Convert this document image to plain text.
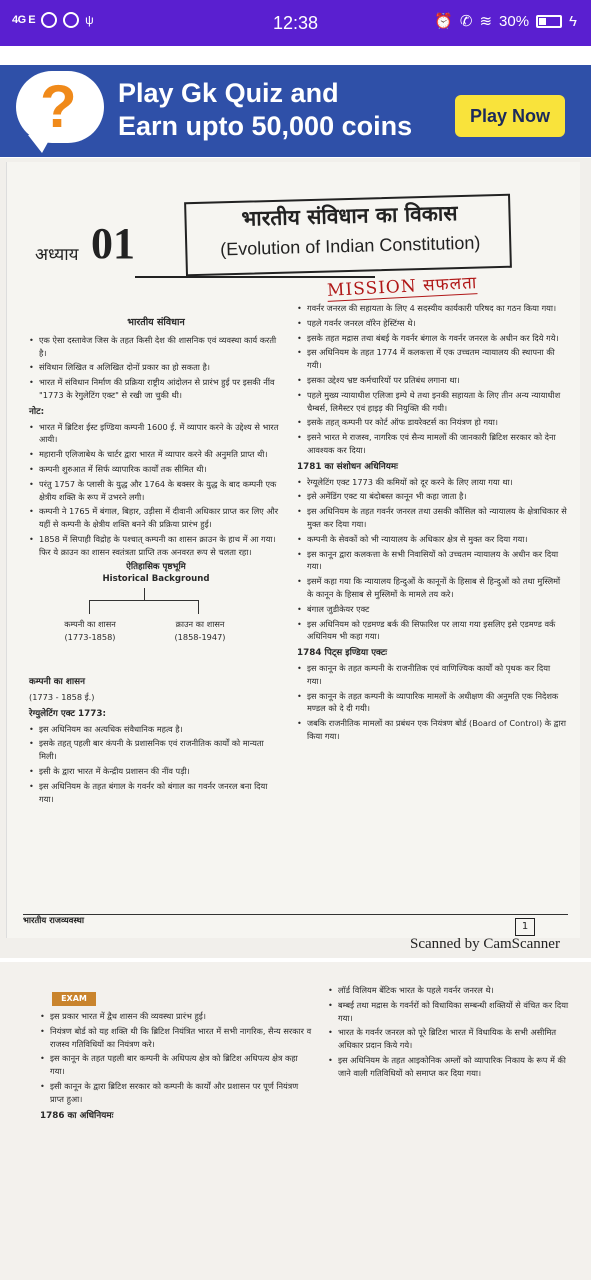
4G E	ψ	12:38	⏰ ✆ ≋ 30%	ϟ
? Play Gk Quiz and
Earn upto 50,000 coins	Play Now
भारतीय संविधान का विकास
(Evolution of Indian Constitution)
अध्याय 01
MISSION सफलता
भारतीय संविधान
• एक ऐसा दस्तावेज जिस के तहत किसी देश की शासनिक एवं व्यवस्था कार्य करती है।
• संविधान लिखित व अलिखित दोनों प्रकार का हो सकता है।
• भारत में संविधान निर्माण की प्रक्रिया राष्ट्रीय आंदोलन से प्रारंभ हुई पर इसकी नींव "1773 के रेगुलेटिंग एक्ट" से रखी जा चुकी थी।
नोट:
• भारत में ब्रिटिश ईस्ट इण्डिया कम्पनी 1600 ई. में व्यापार करने के उद्देश्य से भारत आयी।
• महारानी एलिजाबेथ के चार्टर द्वारा भारत में व्यापार करने की अनुमति प्राप्त थी।
• कम्पनी शुरुआत में सिर्फ व्यापारिक कार्यों तक सीमित थी।
• परंतु 1757 के प्लासी के युद्ध और 1764 के बक्सर के युद्ध के बाद कम्पनी एक क्षेत्रीय शक्ति के रूप में उभरने लगी।
• कम्पनी ने 1765 में बंगाल, बिहार, उड़ीसा में दीवानी अधिकार प्राप्त कर लिए और यहीं से कम्पनी के क्षेत्रीय शक्ति बनने की प्रक्रिया प्रारंभ हुई।
• 1858 में सिपाही विद्रोह के पश्चात् कम्पनी का शासन क्राउन के हाथ में आ गया।फिर ये क्राउन का शासन स्वतंत्रता प्राप्ति तक अनवरत रूप से चलता रहा।
ऐतिहासिक पृष्ठभूमि
Historical Background
कम्पनी का शासन
(1773-1858)
क्राउन का शासन
(1858-1947)
कम्पनी का शासन
(1773 - 1858 ई.)
रेग्युलेटिंग एक्ट 1773:
• इस अधिनियम का अत्यधिक संवैधानिक महत्व है।
• इसके तहत् पहली बार कंपनी के प्रशासनिक एवं राजनीतिक कार्यों को मान्यता मिली।
• इसी के द्वारा भारत में केन्द्रीय प्रशासन की नींव पड़ी।
• इस अधिनियम के तहत बंगाल के गवर्नर को बंगाल का गवर्नर जनरल बना दिया गया।
• गवर्नर जनरल की सहायता के लिए 4 सदस्यीय कार्यकारी परिषद का गठन किया गया।
• पहले गवर्नर जनरल वॉरेन हेस्टिंग्स थे।
• इसके तहत मद्रास तथा बंबई के गवर्नर बंगाल के गवर्नर जनरल के अधीन कर दिये गये।
• इस अधिनियम के तहत 1774 में कलकत्ता में एक उच्चतम न्यायालय की स्थापना की गयी।
• इसका उद्देश्य भ्रष्ट कर्मचारियों पर प्रतिबंध लगाना था।
• पहले मुख्य न्यायाधीश एलिजा इम्पे थे तथा इनकी सहायता के लिए तीन अन्य न्यायाधीश चैम्बर्स, लिमैस्टर एवं हाइड़ की नियुक्ति की गयी।
• इसके तहत् कम्पनी पर कोर्ट ऑफ डायरेक्टर्स का नियंत्रण हो गया।
• इसने भारत मे राजस्व, नागरिक एवं सैन्य मामलों की जानकारी ब्रिटिश सरकार को देना आवश्यक कर दिया।
1781 का संशोधन अधिनियमः
• रेग्यूलेटिंग एक्ट 1773 की कमियों को दूर करने के लिए लाया गया था।
• इसे अमेंडिंग एक्ट या बंदोबस्त कानून भी कहा जाता है।
• इस अधिनियम के तहत गवर्नर जनरल तथा उसकी कौंसिल को न्यायालय के क्षेत्राधिकार से मुक्त कर दिया गया।
• कम्पनी के सेवकों को भी न्यायालय के अधिकार क्षेत्र से मुक्त कर दिया गया।
• इस कानून द्वारा कलकत्ता के सभी निवासियों को उच्चतम न्यायालय के अधीन कर दिया गया।
• इसमें कहा गया कि न्यायालय हिन्दुओं के कानूनों के हिसाब से हिन्दुओं को तथा मुस्लिमों के कानून के हिसाब से मुस्लिमों के मामले तय करे।
• बंगाल जुडीकेयर एक्ट
• इस अधिनियम को एडमण्ड बर्क की सिफारिश पर लाया गया इसलिए इसे एडमण्ड वर्क अधिनियम भी कहा गया।
1784 पिट्स इण्डिया एक्टः
• इस कानून के तहत कम्पनी के राजनीतिक एवं वाणिज्यिक कार्यों को पृथक कर दिया गया।
• इस कानून के तहत कम्पनी के व्यापारिक मामलों के अधीक्षण की अनुमति एक निदेशक मण्डल को दे दी गयी।
• जबकि राजनीतिक मामलों का प्रबंधन एक नियंत्रण बोर्ड (Board of Control) के द्वारा किया गया।
भारतीय राजव्यवस्था
1
Scanned by CamScanner
EXAM
• इस प्रकार भारत में द्वैध शासन की व्यवस्था प्रारंभ हुई।
• नियंत्रण बोर्ड को यह शक्ति थी कि ब्रिटिश नियंत्रित भारत में सभी नागरिक, सैन्य सरकार व राजस्व गतिविधियों का नियंत्रण करे।
• इस कानून के तहत पहली बार कम्पनी के अधिपत्य क्षेत्र को ब्रिटिश अधिपत्य क्षेत्र कहा गया।
• इसी कानून के द्वारा ब्रिटिश सरकार को कम्पनी के कार्यों और प्रशासन पर पूर्ण नियंत्रण प्राप्त हुआ।
1786 का अधिनियमः
• लॉर्ड विलियम बेंटिक भारत के पहले गवर्नर जनरल थे।
• बम्बई तथा मद्रास के गवर्नरों को विधायिका सम्बन्धी शक्तियों से वंचित कर दिया गया।
• भारत के गवर्नर जनरल को पूरे ब्रिटिश भारत में विधायिक के सभी असीमित अधिकार प्रदान किये गये।
• इस अधिनियम के तहत आइकोनिक अम्लों को व्यापारिक निकाय के रूप में की जाने वाली गतिविधियों को समाप्त कर दिया गया।
